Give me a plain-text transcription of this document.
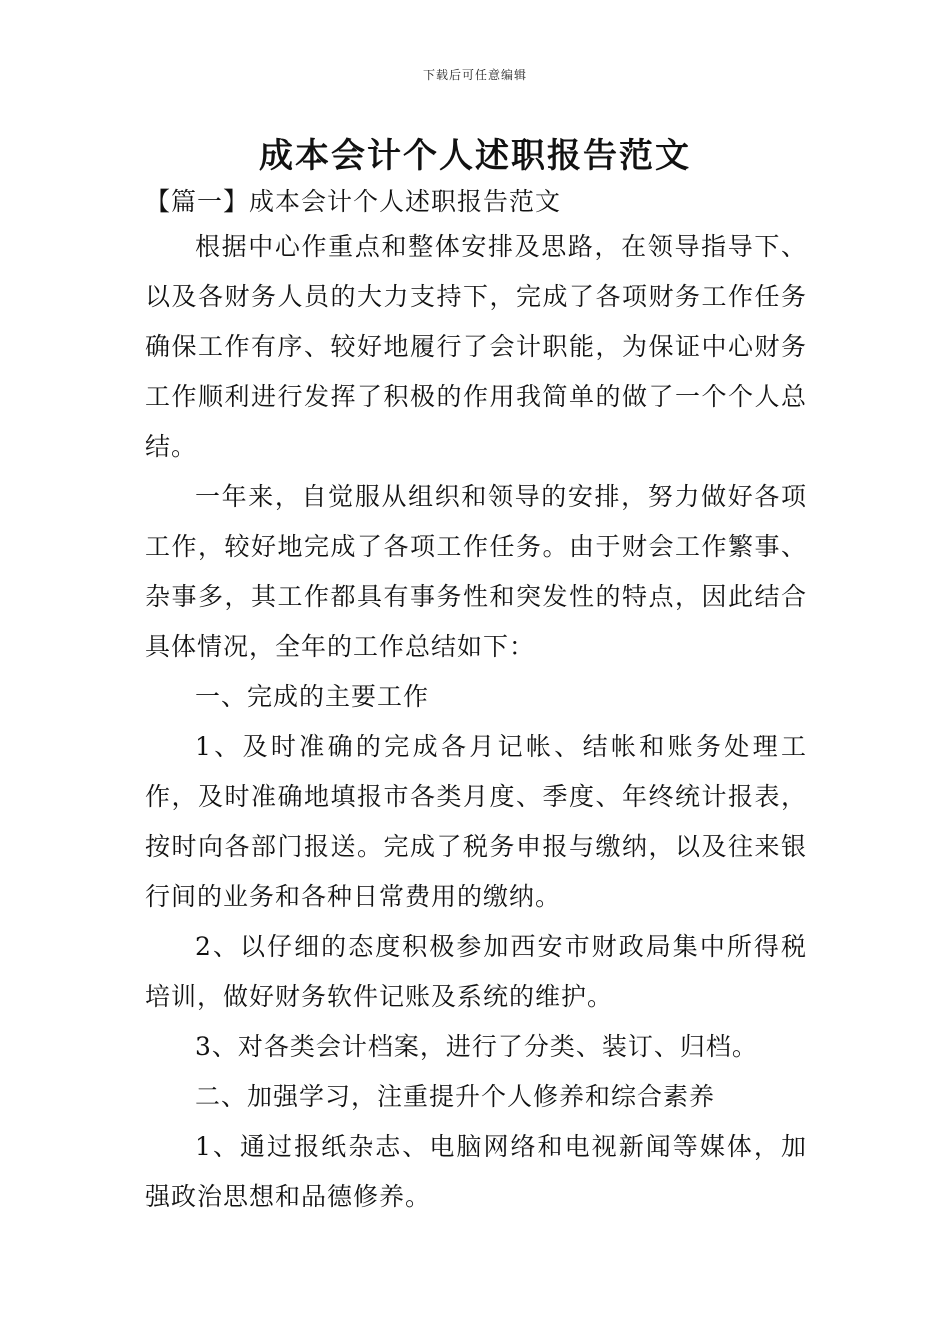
下载后可任意编辑
成本会计个人述职报告范文
【篇一】成本会计个人述职报告范文

根据中心作重点和整体安排及思路，在领导指导下、以及各财务人员的大力支持下，完成了各项财务工作任务确保工作有序、较好地履行了会计职能，为保证中心财务工作顺利进行发挥了积极的作用我简单的做了一个个人总结。

一年来，自觉服从组织和领导的安排，努力做好各项工作，较好地完成了各项工作任务。由于财会工作繁事、杂事多，其工作都具有事务性和突发性的特点，因此结合具体情况，全年的工作总结如下：

一、完成的主要工作

1、及时准确的完成各月记帐、结帐和账务处理工作，及时准确地填报市各类月度、季度、年终统计报表，按时向各部门报送。完成了税务申报与缴纳，以及往来银行间的业务和各种日常费用的缴纳。

2、以仔细的态度积极参加西安市财政局集中所得税培训，做好财务软件记账及系统的维护。

3、对各类会计档案，进行了分类、装订、归档。

二、加强学习，注重提升个人修养和综合素养

1、通过报纸杂志、电脑网络和电视新闻等媒体，加强政治思想和品德修养。
